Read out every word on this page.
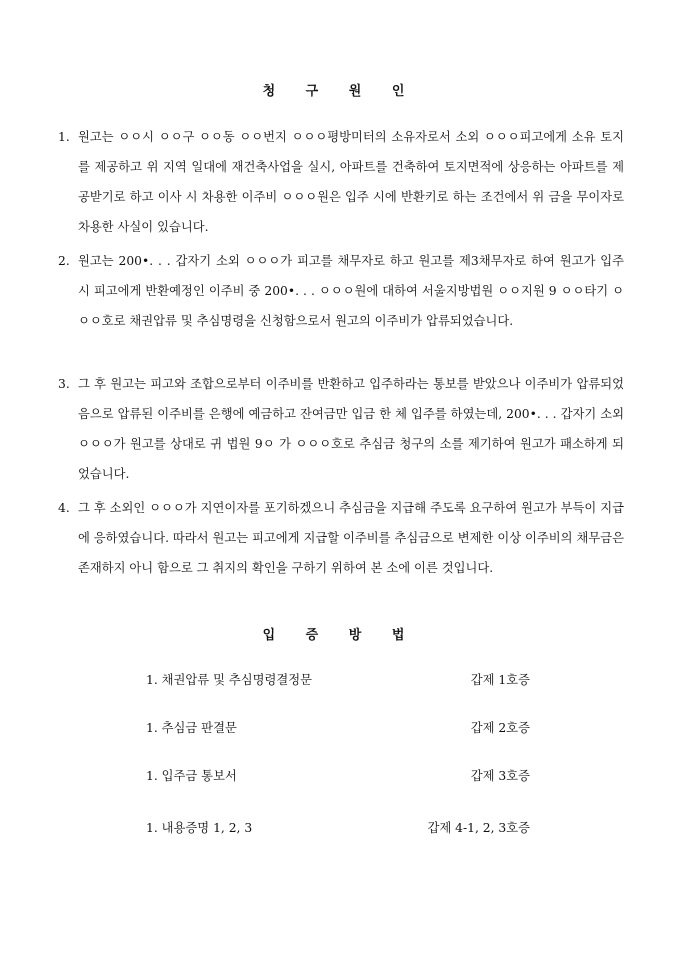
청 구 원 인
1. 원고는 ㅇㅇ시 ㅇㅇ구 ㅇㅇ동 ㅇㅇ번지 ㅇㅇㅇ평방미터의 소유자로서 소외 ㅇㅇㅇ피고에게 소유 토지를 제공하고 위 지역 일대에 재건축사업을 실시, 아파트를 건축하여 토지면적에 상응하는 아파트를 제공받기로 하고 이사 시 차용한 이주비 ㅇㅇㅇ원은 입주 시에 반환키로 하는 조건에서 위 금을 무이자로 차용한 사실이 있습니다.
2. 원고는 200•. . . 갑자기 소외 ㅇㅇㅇ가 피고를 채무자로 하고 원고를 제3채무자로 하여 원고가 입주 시 피고에게 반환예정인 이주비 중 200•. . . ㅇㅇㅇ원에 대하여 서울지방법원 ㅇㅇ지원 9 ㅇㅇ타기 ㅇㅇㅇ호로 채권압류 및 추심명령을 신청함으로서 원고의 이주비가 압류되었습니다.
3. 그 후 원고는 피고와 조합으로부터 이주비를 반환하고 입주하라는 통보를 받았으나 이주비가 압류되었음으로 압류된 이주비를 은행에 예금하고 잔여금만 입금 한 체 입주를 하였는데, 200•. . . 갑자기 소외 ㅇㅇㅇ가 원고를 상대로 귀 법원 9ㅇ 가 ㅇㅇㅇ호로 추심금 청구의 소를 제기하여 원고가 패소하게 되었습니다.
4. 그 후 소외인 ㅇㅇㅇ가 지연이자를 포기하겠으니 추심금을 지급해 주도록 요구하여 원고가 부득이 지급에 응하였습니다. 따라서 원고는 피고에게 지급할 이주비를 추심금으로 변제한 이상 이주비의 채무금은 존재하지 아니 함으로 그 취지의 확인을 구하기 위하여 본 소에 이른 것입니다.
입 증 방 법
1. 채권압류 및 추심명령결정문	갑제 1호증
1. 추심금 판결문	갑제 2호증
1. 입주금 통보서	갑제 3호증
1. 내용증명 1, 2, 3	갑제 4-1, 2, 3호증
